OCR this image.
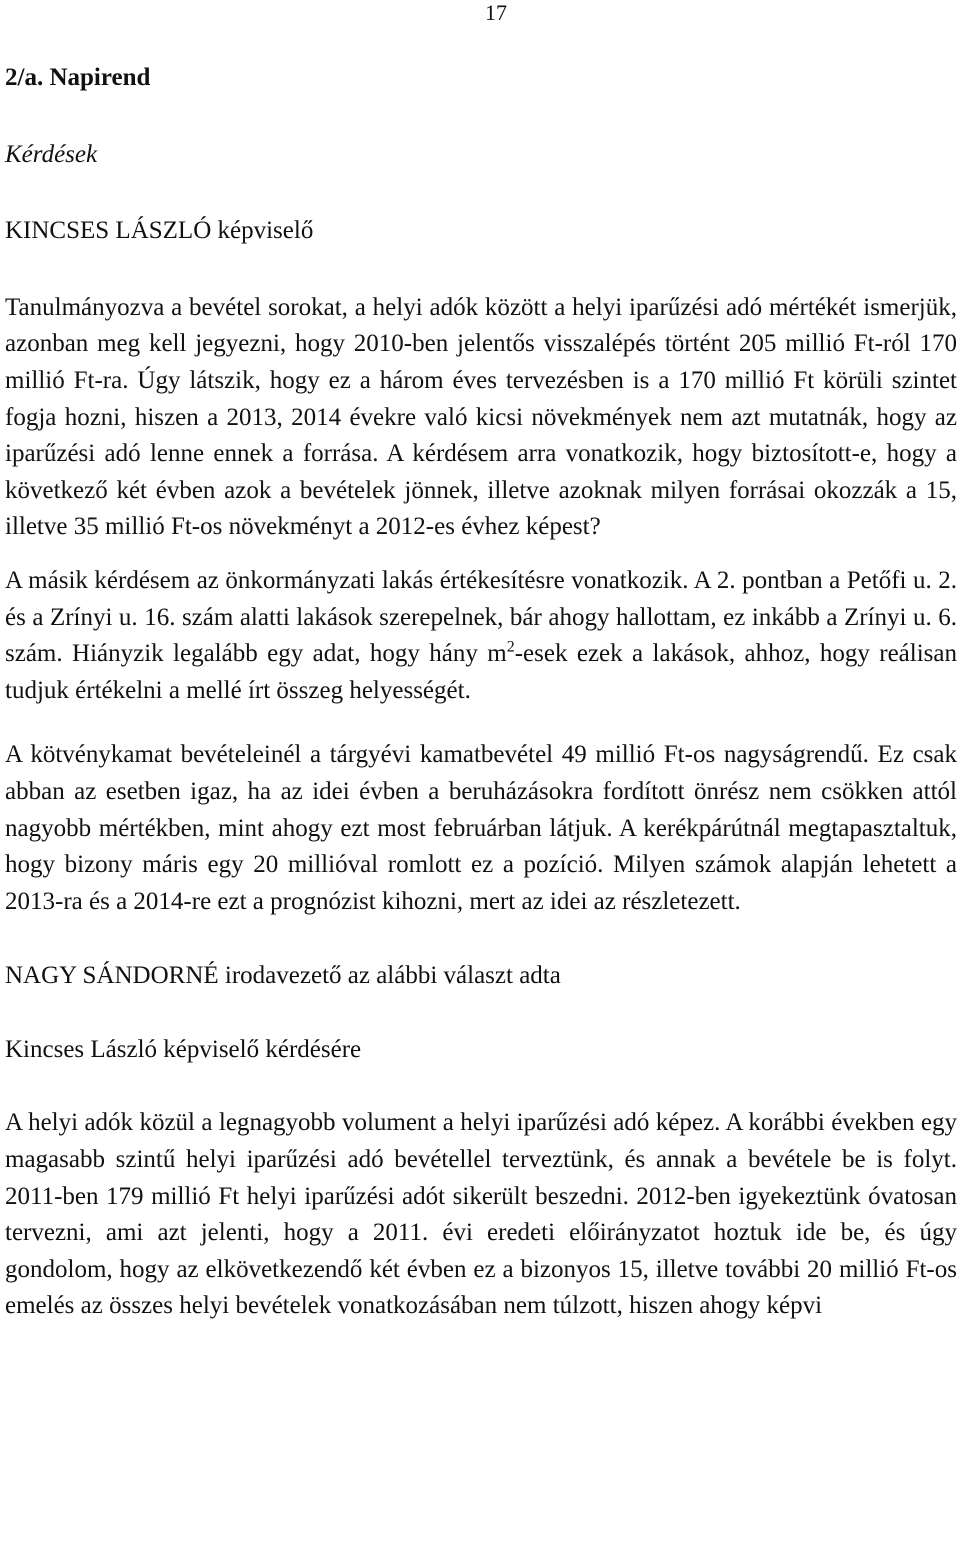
17

2/a. Napirend

Kérdések

KINCSES LÁSZLÓ képviselő

Tanulmányozva a bevétel sorokat, a helyi adók között a helyi iparűzési adó mértékét ismerjük, azonban meg kell jegyezni, hogy 2010-ben jelentős visszalépés történt 205 millió Ft-ról 170 millió Ft-ra. Úgy látszik, hogy ez a három éves tervezésben is a 170 millió Ft körüli szintet fogja hozni, hiszen a 2013, 2014 évekre való kicsi növekmények nem azt mutatnák, hogy az iparűzési adó lenne ennek a forrása. A kérdésem arra vonatkozik, hogy biztosított-e, hogy a következő két évben azok a bevételek jönnek, illetve azoknak milyen forrásai okozzák a 15, illetve 35 millió Ft-os növekményt a 2012-es évhez képest?

A másik kérdésem az önkormányzati lakás értékesítésre vonatkozik. A 2. pontban a Petőfi u. 2. és a Zrínyi u. 16. szám alatti lakások szerepelnek, bár ahogy hallottam, ez inkább a Zrínyi u. 6. szám. Hiányzik legalább egy adat, hogy hány $m^2$-esek ezek a lakások, ahhoz, hogy reálisan tudjuk értékelni a mellé írt összeg helyességét.

A kötvénykamat bevételeinél a tárgyévi kamatbevétel 49 millió Ft-os nagyságrendű. Ez csak abban az esetben igaz, ha az idei évben a beruházásokra fordított önrész nem csökken attól nagyobb mértékben, mint ahogy ezt most februárban látjuk. A kerékpárútnál megtapasztaltuk, hogy bizony máris egy 20 millióval romlott ez a pozíció. Milyen számok alapján lehetett a 2013-ra és a 2014-re ezt a prognózist kihozni, mert az idei az részletezett.

NAGY SÁNDORNÉ irodavezető az alábbi választ adta

Kincses László képviselő kérdésére

A helyi adók közül a legnagyobb volument a helyi iparűzési adó képez. A korábbi években egy magasabb szintű helyi iparűzési adó bevétellel terveztünk, és annak a bevétele be is folyt. 2011-ben 179 millió Ft helyi iparűzési adót sikerült beszedni. 2012-ben igyekeztünk óvatosan tervezni, ami azt jelenti, hogy a 2011. évi eredeti előirányzatot hoztuk ide be, és úgy gondolom, hogy az elkövetkezendő két évben ez a bizonyos 15, illetve további 20 millió Ft-os emelés az összes helyi bevételek vonatkozásában nem túlzott, hiszen ahogy képvi
